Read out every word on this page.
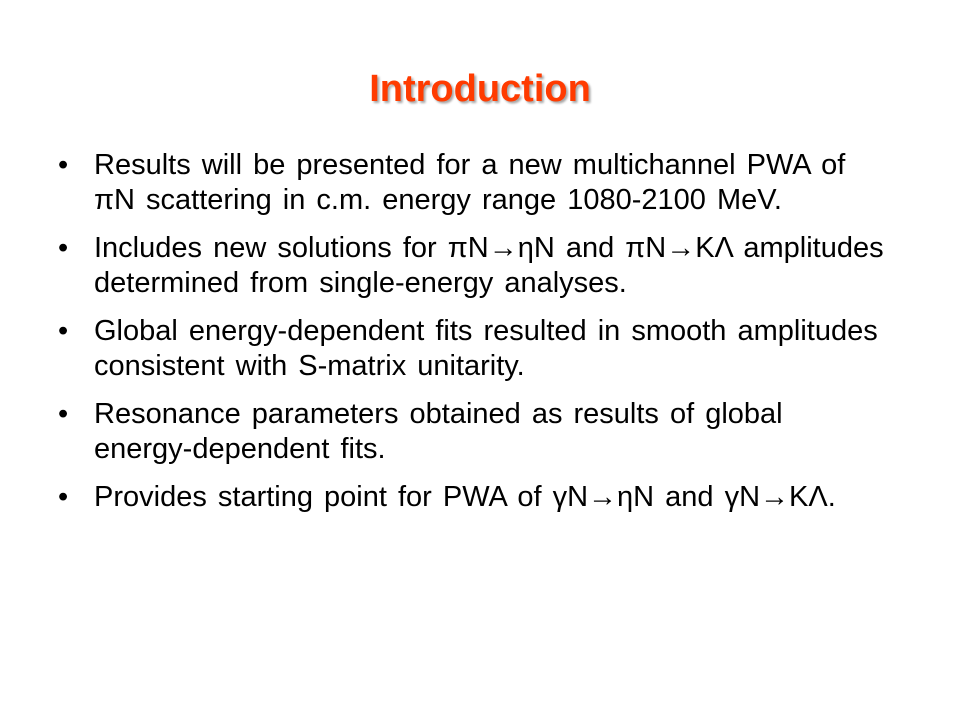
Introduction
• Results will be presented for a new multichannel PWA of πN scattering in c.m. energy range 1080-2100 MeV.
• Includes new solutions for πN→ηN and πN→KΛ amplitudes determined from single-energy analyses.
• Global energy-dependent fits resulted in smooth amplitudes consistent with S-matrix unitarity.
• Resonance parameters obtained as results of global energy-dependent fits.
• Provides starting point for PWA of γN→ηN and γN→KΛ.
